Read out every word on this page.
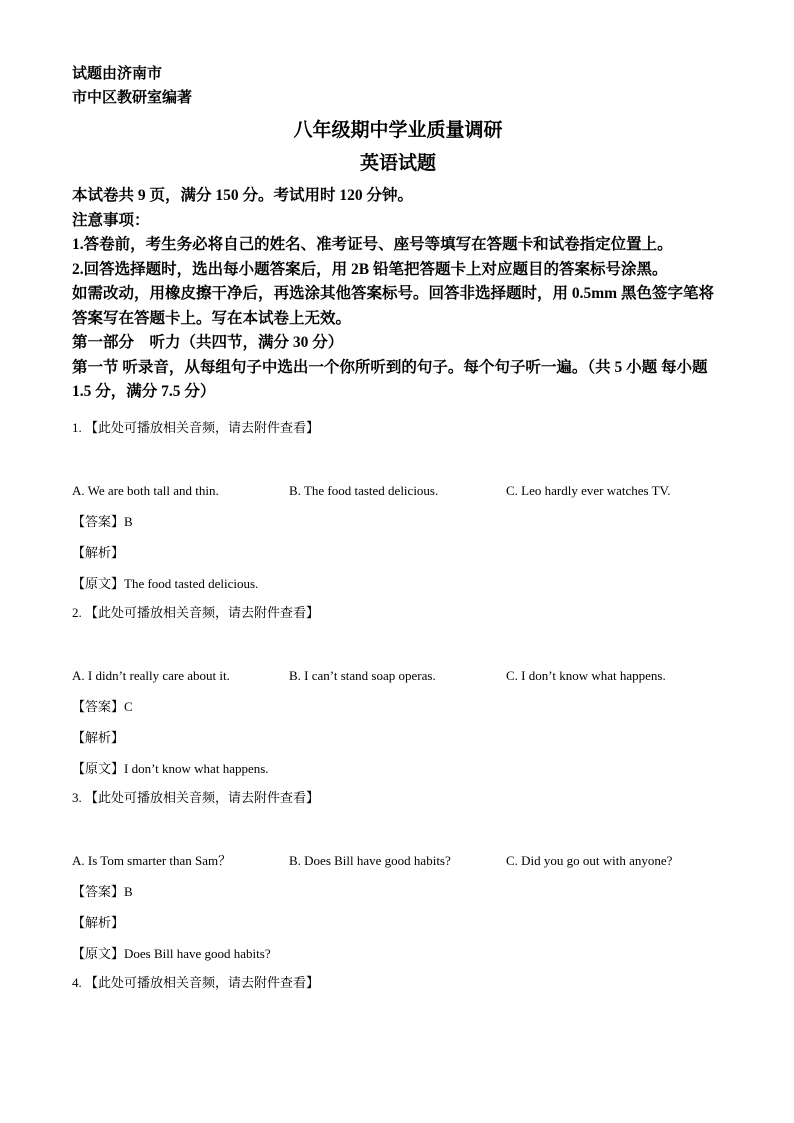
试题由济南市
市中区教研室编著
八年级期中学业质量调研
英语试题
本试卷共 9 页，满分 150 分。考试用时 120 分钟。
注意事项：
1.答卷前，考生务必将自己的姓名、准考证号、座号等填写在答题卡和试卷指定位置上。
2.回答选择题时，选出每小题答案后，用 2B 铅笔把答题卡上对应题目的答案标号涂黑。
如需改动，用橡皮擦干净后，再选涂其他答案标号。回答非选择题时，用 0.5mm 黑色签字笔将答案写在答题卡上。写在本试卷上无效。
第一部分　听力（共四节，满分 30 分）
第一节 听录音，从每组句子中选出一个你所听到的句子。每个句子听一遍。（共 5 小题 每小题 1.5 分，满分 7.5 分）
1. 【此处可播放相关音频，请去附件查看】
A. We are both tall and thin.	B. The food tasted delicious.	C. Leo hardly ever watches TV.
【答案】B
【解析】
【原文】The food tasted delicious.
2. 【此处可播放相关音频，请去附件查看】
A. I didn’t really care about it.	B. I can’t stand soap operas.	C. I don’t know what happens.
【答案】C
【解析】
【原文】I don’t know what happens.
3. 【此处可播放相关音频，请去附件查看】
A. Is Tom smarter than Sam？	B. Does Bill have good habits?	C. Did you go out with anyone?
【答案】B
【解析】
【原文】Does Bill have good habits?
4. 【此处可播放相关音频，请去附件查看】
